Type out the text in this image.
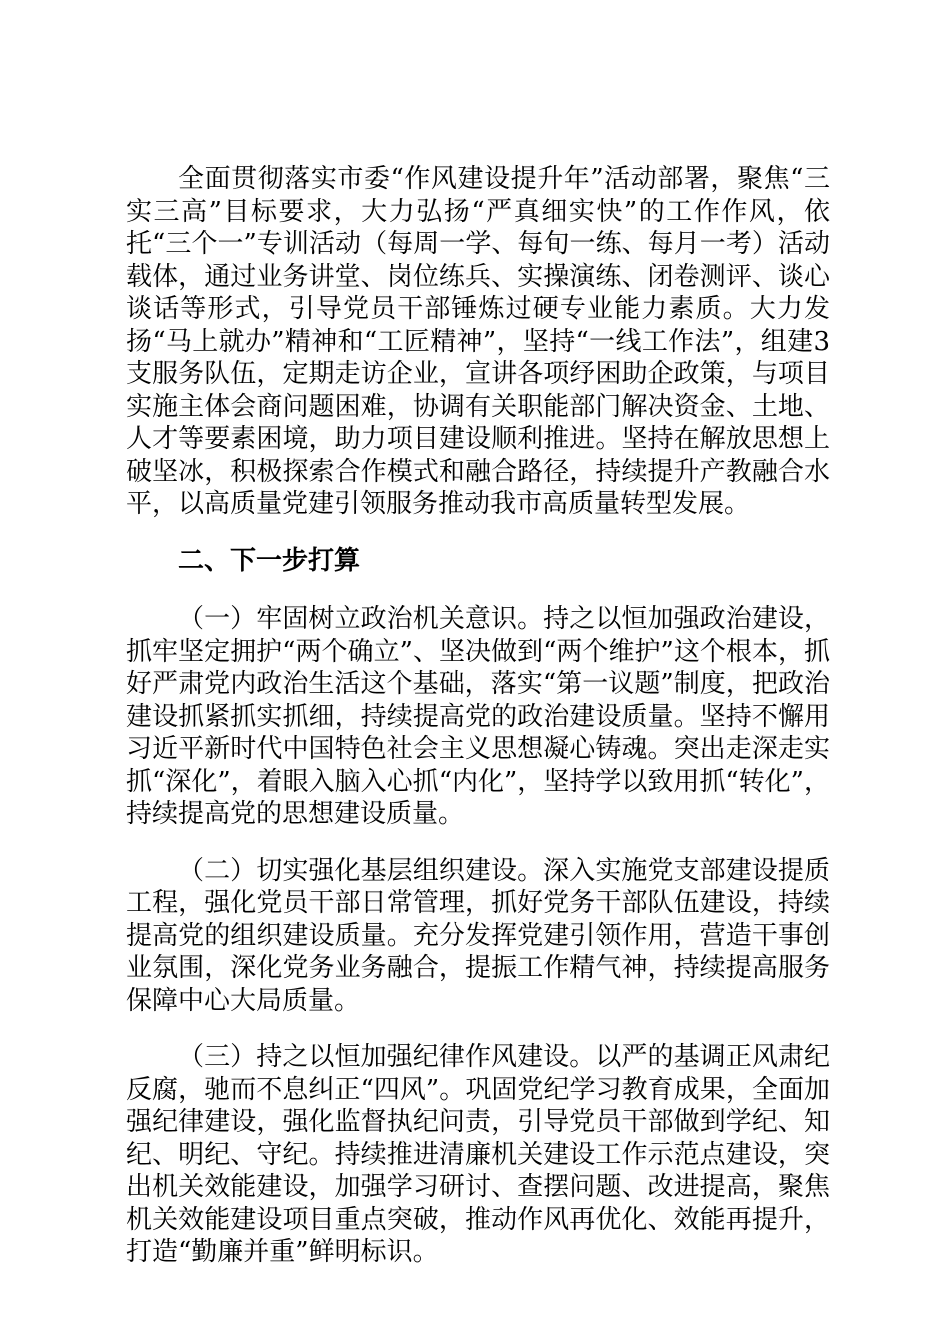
全面贯彻落实市委“作风建设提升年”活动部署，聚焦“三实三高”目标要求，大力弘扬“严真细实快”的工作作风，依托“三个一”专训活动（每周一学、每旬一练、每月一考）活动载体，通过业务讲堂、岗位练兵、实操演练、闭卷测评、谈心谈话等形式，引导党员干部锤炼过硬专业能力素质。大力发扬“马上就办”精神和“工匠精神”，坚持“一线工作法”，组建3支服务队伍，定期走访企业，宣讲各项纾困助企政策，与项目实施主体会商问题困难，协调有关职能部门解决资金、土地、人才等要素困境，助力项目建设顺利推进。坚持在解放思想上破坚冰，积极探索合作模式和融合路径，持续提升产教融合水平，以高质量党建引领服务推动我市高质量转型发展。

二、下一步打算

（一）牢固树立政治机关意识。持之以恒加强政治建设，抓牢坚定拥护“两个确立”、坚决做到“两个维护”这个根本，抓好严肃党内政治生活这个基础，落实“第一议题”制度，把政治建设抓紧抓实抓细，持续提高党的政治建设质量。坚持不懈用习近平新时代中国特色社会主义思想凝心铸魂。突出走深走实抓“深化”，着眼入脑入心抓“内化”，坚持学以致用抓“转化”，持续提高党的思想建设质量。

（二）切实强化基层组织建设。深入实施党支部建设提质工程，强化党员干部日常管理，抓好党务干部队伍建设，持续提高党的组织建设质量。充分发挥党建引领作用，营造干事创业氛围，深化党务业务融合，提振工作精气神，持续提高服务保障中心大局质量。

（三）持之以恒加强纪律作风建设。以严的基调正风肃纪反腐，驰而不息纠正“四风”。巩固党纪学习教育成果，全面加强纪律建设，强化监督执纪问责，引导党员干部做到学纪、知纪、明纪、守纪。持续推进清廉机关建设工作示范点建设，突出机关效能建设，加强学习研讨、查摆问题、改进提高，聚焦机关效能建设项目重点突破，推动作风再优化、效能再提升，打造“勤廉并重”鲜明标识。
